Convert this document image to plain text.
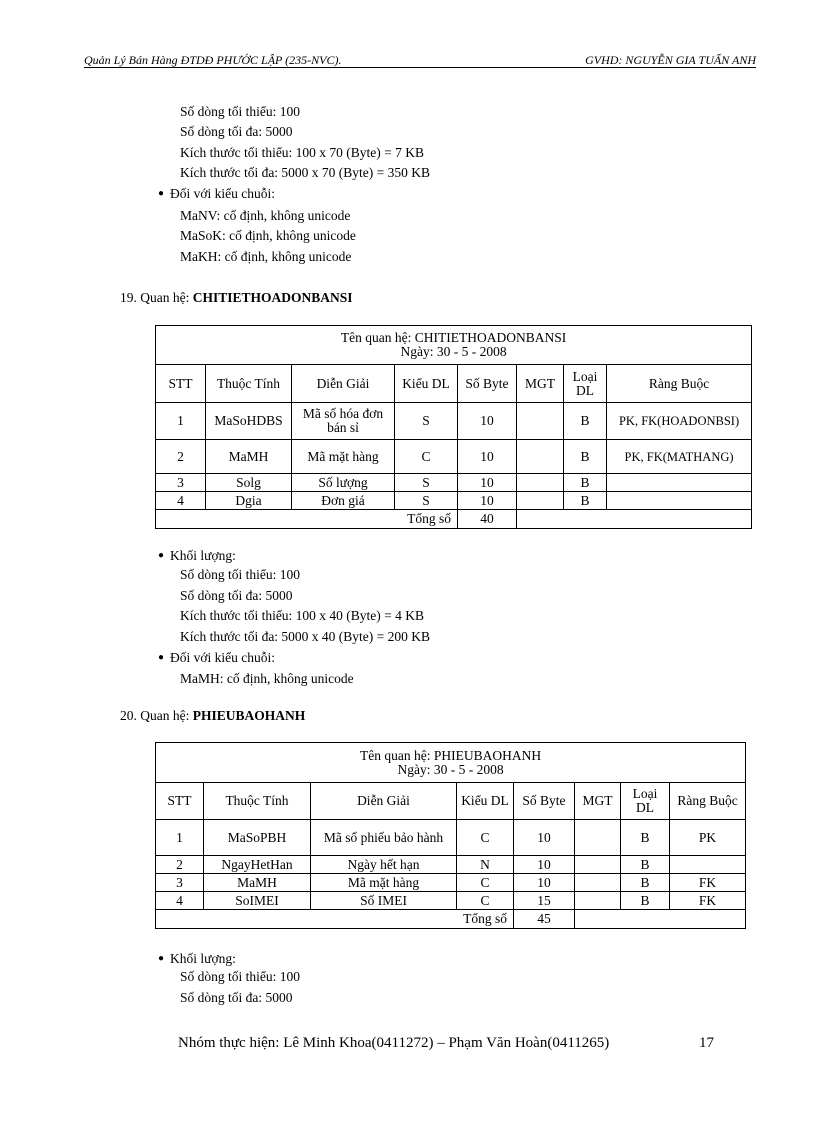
Quản Lý Bán Hàng ĐTDĐ PHƯỚC LẬP (235-NVC).	GVHD: NGUYỄN GIA TUẤN ANH
Số dòng tối thiểu: 100
Số dòng tối đa: 5000
Kích thước tối thiểu: 100 x 70 (Byte) = 7 KB
Kích thước tối đa: 5000 x 70 (Byte) = 350 KB
● Đối với kiểu chuỗi:
MaNV: cố định, không unicode
MaSoK: cố định, không unicode
MaKH: cố định, không unicode
19. Quan hệ: CHITIETHOADONBANSI
Tên quan hệ: CHITIETHOADONBANSI
Ngày: 30 - 5 - 2008							

STT	Thuộc Tính	Diễn Giải	Kiểu DL	Số Byte	MGT	Loại DL	Ràng Buộc
1	MaSoHDBS	Mã số hóa đơn bán sỉ	S	10		B	PK, FK(HOADONBSI)
2	MaMH	Mã mặt hàng	C	10		B	PK, FK(MATHANG)
3	Solg	Số lượng	S	10		B	
4	Dgia	Đơn giá	S	10		B	
Tổng số				40			
● Khối lượng:
Số dòng tối thiểu: 100
Số dòng tối đa: 5000
Kích thước tối thiểu: 100 x 40 (Byte) = 4 KB
Kích thước tối đa: 5000 x 40 (Byte) = 200 KB
● Đối với kiểu chuỗi:
MaMH: cố định, không unicode
20. Quan hệ: PHIEUBAOHANH
Tên quan hệ: PHIEUBAOHANH
Ngày: 30 - 5 - 2008							

STT	Thuộc Tính	Diễn Giải	Kiểu DL	Số Byte	MGT	Loại DL	Ràng Buộc
1	MaSoPBH	Mã số phiếu bảo hành	C	10		B	PK
2	NgayHetHan	Ngày hết hạn	N	10		B	
3	MaMH	Mã mặt hàng	C	10		B	FK
4	SoIMEI	Số IMEI	C	15		B	FK
Tổng số				45			
● Khối lượng:
Số dòng tối thiểu: 100
Số dòng tối đa: 5000
Nhóm thực hiện: Lê Minh Khoa(0411272) – Phạm Văn Hoàn(0411265)	17
